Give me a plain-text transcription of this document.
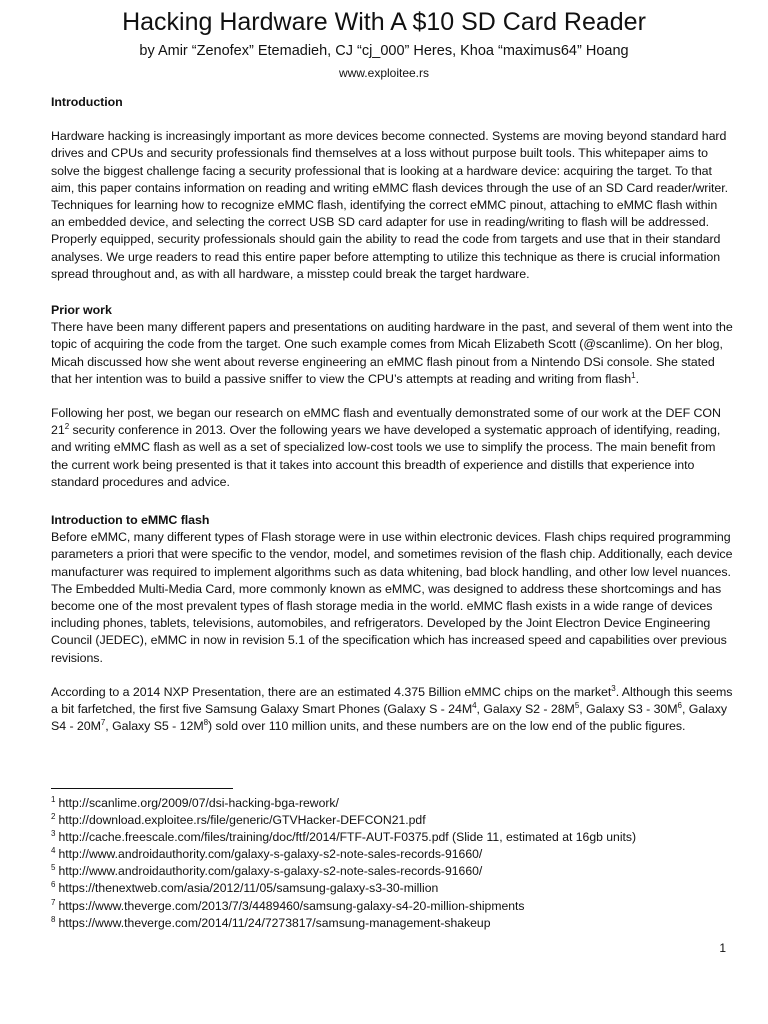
Hacking Hardware With A $10 SD Card Reader
by Amir “Zenofex” Etemadieh, CJ “cj_000” Heres, Khoa “maximus64” Hoang
www.exploitee.rs
Introduction

Hardware hacking is increasingly important as more devices become connected. Systems are moving beyond standard hard drives and CPUs and security professionals find themselves at a loss without purpose built tools. This whitepaper aims to solve the biggest challenge facing a security professional that is looking at a hardware device: acquiring the target. To that aim, this paper contains information on reading and writing eMMC flash devices through the use of an SD Card reader/writer. Techniques for learning how to recognize eMMC flash, identifying the correct eMMC pinout, attaching to eMMC flash within an embedded device, and selecting the correct USB SD card adapter for use in reading/writing to flash will be addressed. Properly equipped, security professionals should gain the ability to read the code from targets and use that in their standard analyses. We urge readers to read this entire paper before attempting to utilize this technique as there is crucial information spread throughout and, as with all hardware, a misstep could break the target hardware.

Prior work

There have been many different papers and presentations on auditing hardware in the past, and several of them went into the topic of acquiring the code from the target. One such example comes from Micah Elizabeth Scott (@scanlime). On her blog, Micah discussed how she went about reverse engineering an eMMC flash pinout from a Nintendo DSi console. She stated that her intention was to build a passive sniffer to view the CPU’s attempts at reading and writing from flash$^1$.

Following her post, we began our research on eMMC flash and eventually demonstrated some of our work at the DEF CON $21^2$ security conference in 2013. Over the following years we have developed a systematic approach of identifying, reading, and writing eMMC flash as well as a set of specialized low-cost tools we use to simplify the process. The main benefit from the current work being presented is that it takes into account this breadth of experience and distills that experience into standard procedures and advice.

Introduction to eMMC flash

Before eMMC, many different types of Flash storage were in use within electronic devices. Flash chips required programming parameters a priori that were specific to the vendor, model, and sometimes revision of the flash chip. Additionally, each device manufacturer was required to implement algorithms such as data whitening, bad block handling, and other low level nuances. The Embedded Multi-Media Card, more commonly known as eMMC, was designed to address these shortcomings and has become one of the most prevalent types of flash storage media in the world. eMMC flash exists in a wide range of devices including phones, tablets, televisions, automobiles, and refrigerators. Developed by the Joint Electron Device Engineering Council (JEDEC), eMMC in now in revision 5.1 of the specification which has increased speed and capabilities over previous revisions.

According to a 2014 NXP Presentation, there are an estimated 4.375 Billion eMMC chips on the market$^3$. Although this seems a bit farfetched, the first five Samsung Galaxy Smart Phones (Galaxy S - $24M^4$, Galaxy $S2 - 28M^5$, Galaxy $S3 - 30M^6$, Galaxy $S4 - 20M^7$, Galaxy $S5 - 12M^8$) sold over 110 million units, and these numbers are on the low end of the public figures.

$^1$ http://scanlime.org/2009/07/dsi-hacking-bga-rework/
$^2$ http://download.exploitee.rs/file/generic/GTVHacker-DEFCON21.pdf
$^3$ http://cache.freescale.com/files/training/doc/ftf/2014/FTF-AUT-F0375.pdf (Slide 11, estimated at 16gb units)
$^4$ http://www.androidauthority.com/galaxy-s-galaxy-s2-note-sales-records-91660/
$^5$ http://www.androidauthority.com/galaxy-s-galaxy-s2-note-sales-records-91660/
$^6$ https://thenextweb.com/asia/2012/11/05/samsung-galaxy-s3-30-million
$^7$ https://www.theverge.com/2013/7/3/4489460/samsung-galaxy-s4-20-million-shipments
$^8$ https://www.theverge.com/2014/11/24/7273817/samsung-management-shakeup
1
